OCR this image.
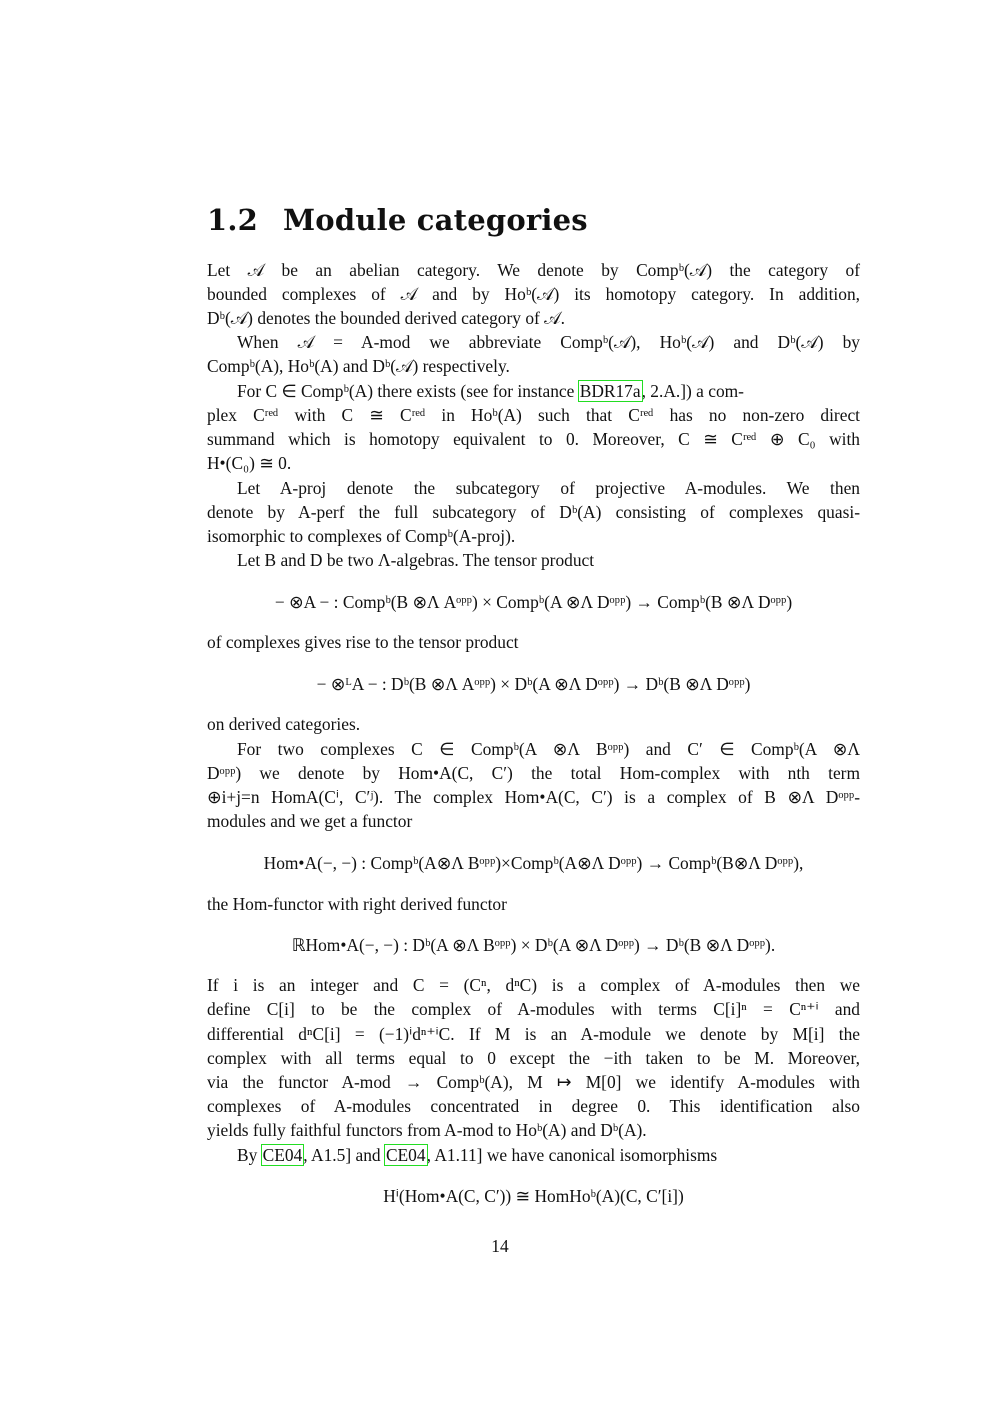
1.2 Module categories
Let 𝒜 be an abelian category. We denote by Compᵇ(𝒜) the category of
bounded complexes of 𝒜 and by Hoᵇ(𝒜) its homotopy category. In addition,
Dᵇ(𝒜) denotes the bounded derived category of 𝒜.
When 𝒜 = A-mod we abbreviate Compᵇ(𝒜), Hoᵇ(𝒜) and Dᵇ(𝒜) by
Compᵇ(A), Hoᵇ(A) and Dᵇ(𝒜) respectively.
For C ∈ Compᵇ(A) there exists (see for instance BDR17a, 2.A.]) a com-
plex Cʳᵉᵈ with C ≅ Cʳᵉᵈ in Hoᵇ(A) such that Cʳᵉᵈ has no non-zero direct
summand which is homotopy equivalent to 0. Moreover, C ≅ Cʳᵉᵈ ⊕ C₀ with
H•(C₀) ≅ 0.
Let A-proj denote the subcategory of projective A-modules. We then
denote by A-perf the full subcategory of Dᵇ(A) consisting of complexes quasi-
isomorphic to complexes of Compᵇ(A-proj).
Let B and D be two Λ-algebras. The tensor product
− ⊗A − : Compᵇ(B ⊗Λ Aᵒᵖᵖ) × Compᵇ(A ⊗Λ Dᵒᵖᵖ) → Compᵇ(B ⊗Λ Dᵒᵖᵖ)
of complexes gives rise to the tensor product
− ⊗ᴸA − : Dᵇ(B ⊗Λ Aᵒᵖᵖ) × Dᵇ(A ⊗Λ Dᵒᵖᵖ) → Dᵇ(B ⊗Λ Dᵒᵖᵖ)
on derived categories.
For two complexes C ∈ Compᵇ(A ⊗Λ Bᵒᵖᵖ) and C′ ∈ Compᵇ(A ⊗Λ
Dᵒᵖᵖ) we denote by Hom•A(C, C′) the total Hom-complex with nth term
⊕i+j=n HomA(Cⁱ, C′ʲ). The complex Hom•A(C, C′) is a complex of B ⊗Λ Dᵒᵖᵖ-
modules and we get a functor
Hom•A(−, −) : Compᵇ(A⊗Λ Bᵒᵖᵖ)×Compᵇ(A⊗Λ Dᵒᵖᵖ) → Compᵇ(B⊗Λ Dᵒᵖᵖ),
the Hom-functor with right derived functor
ℝHom•A(−, −) : Dᵇ(A ⊗Λ Bᵒᵖᵖ) × Dᵇ(A ⊗Λ Dᵒᵖᵖ) → Dᵇ(B ⊗Λ Dᵒᵖᵖ).
If i is an integer and C = (Cⁿ, dⁿC) is a complex of A-modules then we
define C[i] to be the complex of A-modules with terms C[i]ⁿ = Cⁿ⁺ⁱ and
differential dⁿC[i] = (−1)ⁱdⁿ⁺ⁱC. If M is an A-module we denote by M[i] the
complex with all terms equal to 0 except the −ith taken to be M. Moreover,
via the functor A-mod → Compᵇ(A), M ↦ M[0] we identify A-modules with
complexes of A-modules concentrated in degree 0. This identification also
yields fully faithful functors from A-mod to Hoᵇ(A) and Dᵇ(A).
By CE04, A1.5] and CE04, A1.11] we have canonical isomorphisms
Hⁱ(Hom•A(C, C′)) ≅ HomHoᵇ(A)(C, C′[i])
14
